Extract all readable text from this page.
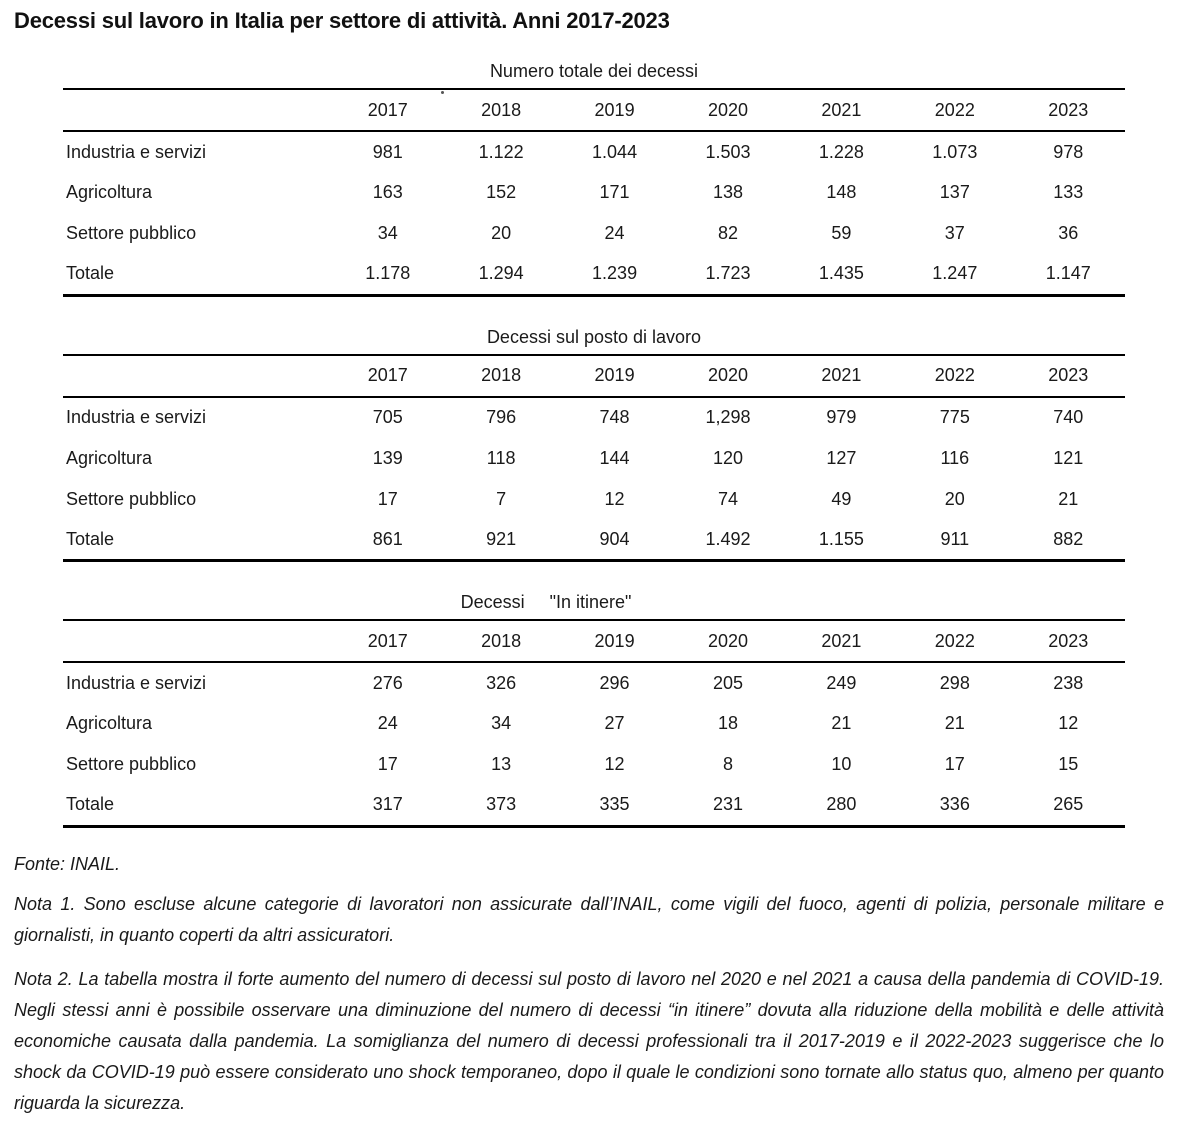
Decessi sul lavoro in Italia per settore di attività. Anni 2017-2023
Numero totale dei decessi
	2017	2018	2019	2020	2021	2022	2023
Industria e servizi	981	1.122	1.044	1.503	1.228	1.073	978
Agricoltura	163	152	171	138	148	137	133
Settore pubblico	34	20	24	82	59	37	36
Totale	1.178	1.294	1.239	1.723	1.435	1.247	1.147
Decessi sul posto di lavoro
	2017	2018	2019	2020	2021	2022	2023
Industria e servizi	705	796	748	1,298	979	775	740
Agricoltura	139	118	144	120	127	116	121
Settore pubblico	17	7	12	74	49	20	21
Totale	861	921	904	1.492	1.155	911	882
Decessi     "In itinere"
	2017	2018	2019	2020	2021	2022	2023
Industria e servizi	276	326	296	205	249	298	238
Agricoltura	24	34	27	18	21	21	12
Settore pubblico	17	13	12	8	10	17	15
Totale	317	373	335	231	280	336	265

Fonte: INAIL.

Nota 1. Sono escluse alcune categorie di lavoratori non assicurate dall’INAIL, come vigili del fuoco, agenti di polizia, personale militare e giornalisti, in quanto coperti da altri assicuratori.

Nota 2. La tabella mostra il forte aumento del numero di decessi sul posto di lavoro nel 2020 e nel 2021 a causa della pandemia di COVID-19. Negli stessi anni è possibile osservare una diminuzione del numero di decessi “in itinere” dovuta alla riduzione della mobilità e delle attività economiche causata dalla pandemia. La somiglianza del numero di decessi professionali tra il 2017-2019 e il 2022-2023 suggerisce che lo shock da COVID-19 può essere considerato uno shock temporaneo, dopo il quale le condizioni sono tornate allo status quo, almeno per quanto riguarda la sicurezza.
